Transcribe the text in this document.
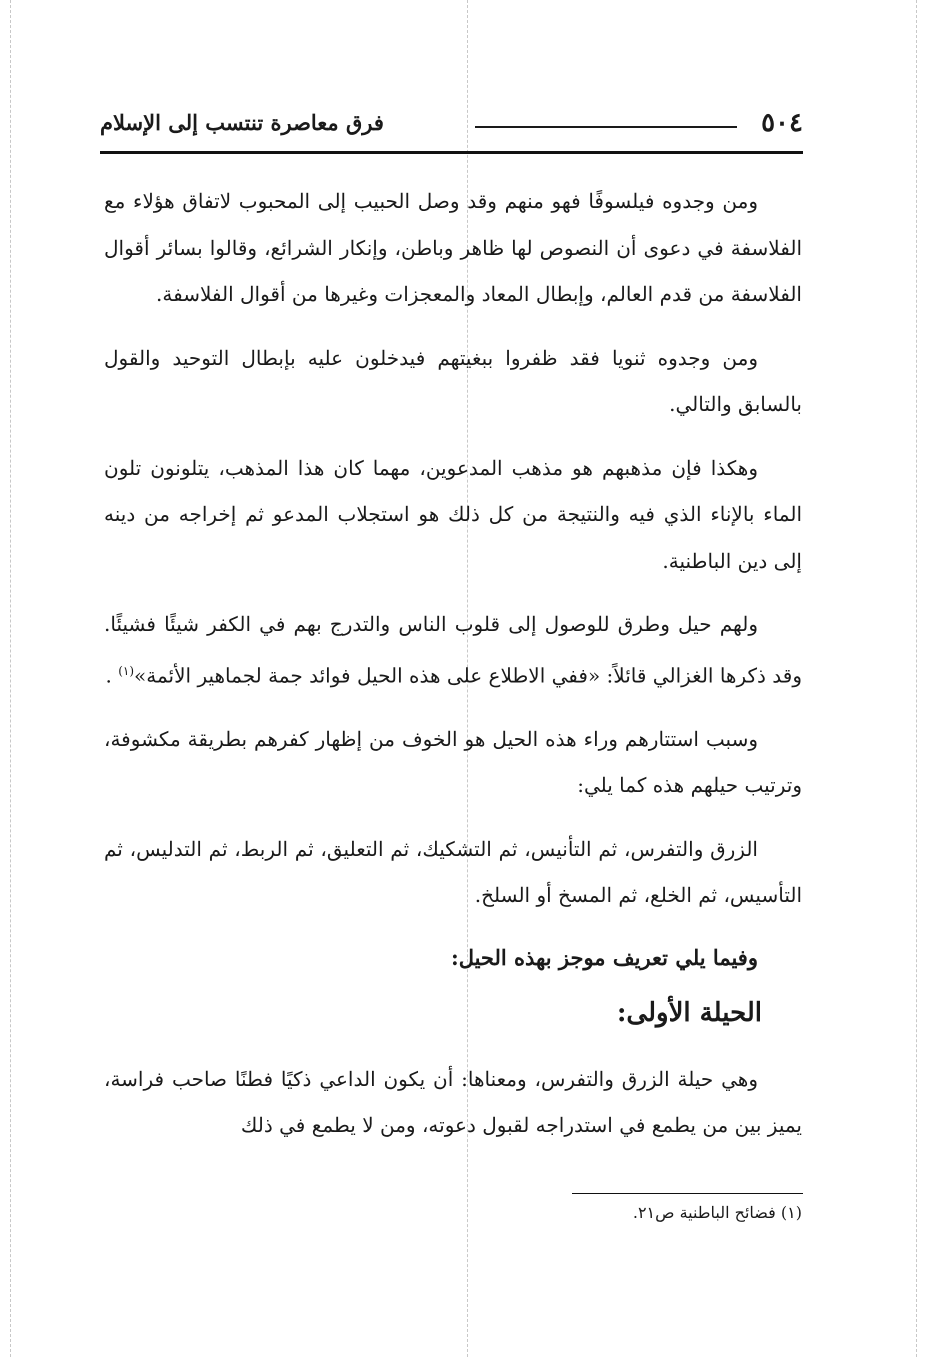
٥٠٤
فرق معاصرة تنتسب إلى الإسلام

ومن وجدوه فيلسوفًا فهو منهم وقد وصل الحبيب إلى المحبوب لاتفاق هؤلاء مع الفلاسفة في دعوى أن النصوص لها ظاهر وباطن، وإنكار الشرائع، وقالوا بسائر أقوال الفلاسفة من قدم العالم، وإبطال المعاد والمعجزات وغيرها من أقوال الفلاسفة.

ومن وجدوه ثنويا فقد ظفروا ببغيتهم فيدخلون عليه بإبطال التوحيد والقول بالسابق والتالي.

وهكذا فإن مذهبهم هو مذهب المدعوين، مهما كان هذا المذهب، يتلونون تلون الماء بالإناء الذي فيه والنتيجة من كل ذلك هو استجلاب المدعو ثم إخراجه من دينه إلى دين الباطنية.

ولهم حيل وطرق للوصول إلى قلوب الناس والتدرج بهم في الكفر شيئًا فشيئًا. وقد ذكرها الغزالي قائلاً: «ففي الاطلاع على هذه الحيل فوائد جمة لجماهير الأئمة»$^{(١)}$ .

وسبب استتارهم وراء هذه الحيل هو الخوف من إظهار كفرهم بطريقة مكشوفة، وترتيب حيلهم هذه كما يلي:

الزرق والتفرس، ثم التأنيس، ثم التشكيك، ثم التعليق، ثم الربط، ثم التدليس، ثم التأسيس، ثم الخلع، ثم المسخ أو السلخ.

وفيما يلي تعريف موجز بهذه الحيل:

الحيلة الأولى:

وهي حيلة الزرق والتفرس، ومعناها: أن يكون الداعي ذكيًا فطنًا صاحب فراسة، يميز بين من يطمع في استدراجه لقبول دعوته، ومن لا يطمع في ذلك

(١) فضائح الباطنية ص٢١.
